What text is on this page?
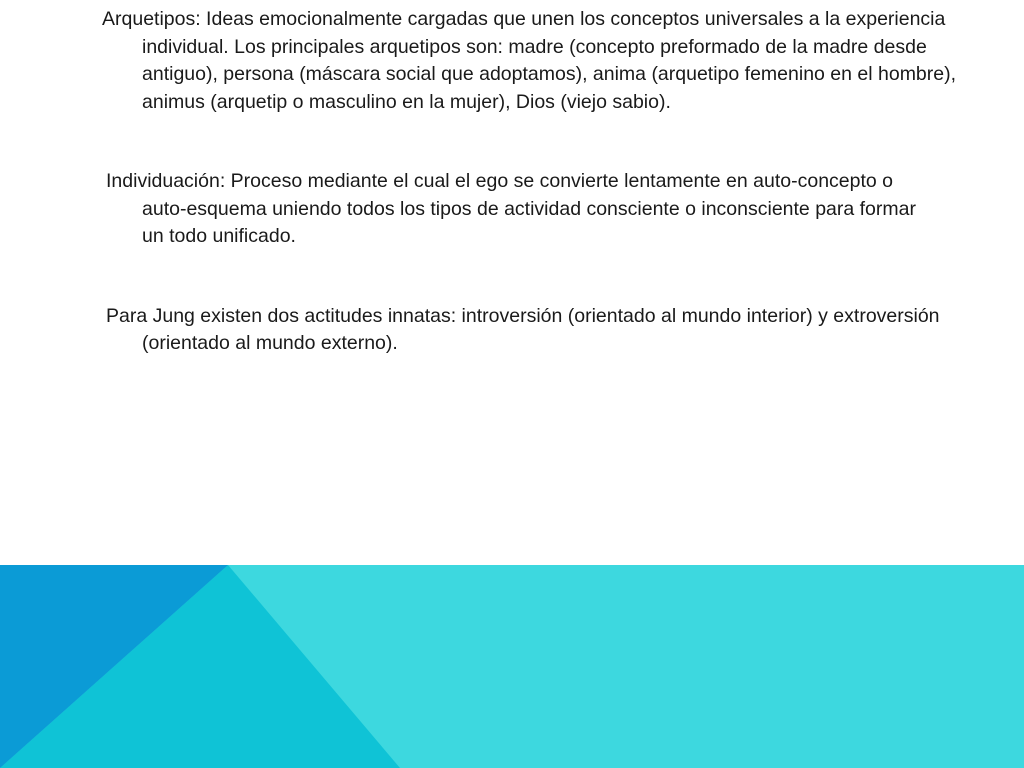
Arquetipos: Ideas emocionalmente cargadas que unen los conceptos universales a la experiencia individual. Los principales arquetipos son: madre (concepto preformado de la madre desde antiguo), persona (máscara social que adoptamos), anima (arquetipo femenino en el hombre), animus (arquetip o masculino en la mujer), Dios (viejo sabio).

Individuación: Proceso mediante el cual el ego se convierte lentamente en auto-concepto o auto-esquema uniendo todos los tipos de actividad consciente o inconsciente para formar un todo unificado.

Para Jung existen dos actitudes innatas: introversión (orientado al mundo interior) y extroversión (orientado al mundo externo).
